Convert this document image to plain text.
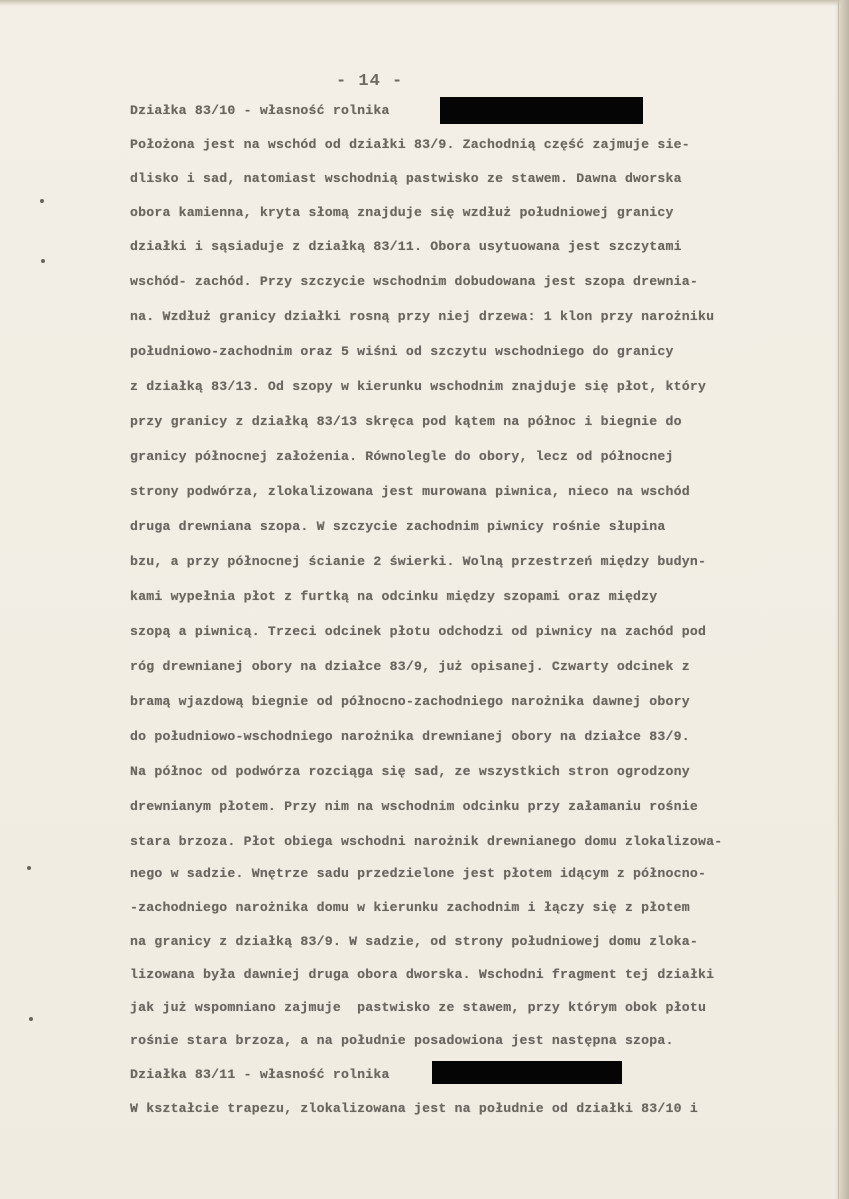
- 14 -
Działka 83/10 - własność rolnika
Położona jest na wschód od działki 83/9. Zachodnią część zajmuje sie-
dlisko i sad, natomiast wschodnią pastwisko ze stawem. Dawna dworska
obora kamienna, kryta słomą znajduje się wzdłuż południowej granicy
działki i sąsiaduje z działką 83/11. Obora usytuowana jest szczytami
wschód- zachód. Przy szczycie wschodnim dobudowana jest szopa drewnia-
na. Wzdłuż granicy działki rosną przy niej drzewa: 1 klon przy narożniku
południowo-zachodnim oraz 5 wiśni od szczytu wschodniego do granicy
z działką 83/13. Od szopy w kierunku wschodnim znajduje się płot, który
przy granicy z działką 83/13 skręca pod kątem na północ i biegnie do
granicy północnej założenia. Równolegle do obory, lecz od północnej
strony podwórza, zlokalizowana jest murowana piwnica, nieco na wschód
druga drewniana szopa. W szczycie zachodnim piwnicy rośnie słupina
bzu, a przy północnej ścianie 2 świerki. Wolną przestrzeń między budyn-
kami wypełnia płot z furtką na odcinku między szopami oraz między
szopą a piwnicą. Trzeci odcinek płotu odchodzi od piwnicy na zachód pod
róg drewnianej obory na działce 83/9, już opisanej. Czwarty odcinek z
bramą wjazdową biegnie od północno-zachodniego narożnika dawnej obory
do południowo-wschodniego narożnika drewnianej obory na działce 83/9.
Na północ od podwórza rozciąga się sad, ze wszystkich stron ogrodzony
drewnianym płotem. Przy nim na wschodnim odcinku przy załamaniu rośnie
stara brzoza. Płot obiega wschodni narożnik drewnianego domu zlokalizowa-
nego w sadzie. Wnętrze sadu przedzielone jest płotem idącym z północno-
-zachodniego narożnika domu w kierunku zachodnim i łączy się z płotem
na granicy z działką 83/9. W sadzie, od strony południowej domu zloka-
lizowana była dawniej druga obora dworska. Wschodni fragment tej działki
jak już wspomniano zajmuje  pastwisko ze stawem, przy którym obok płotu
rośnie stara brzoza, a na południe posadowiona jest następna szopa.
Działka 83/11 - własność rolnika
W kształcie trapezu, zlokalizowana jest na południe od działki 83/10 i
